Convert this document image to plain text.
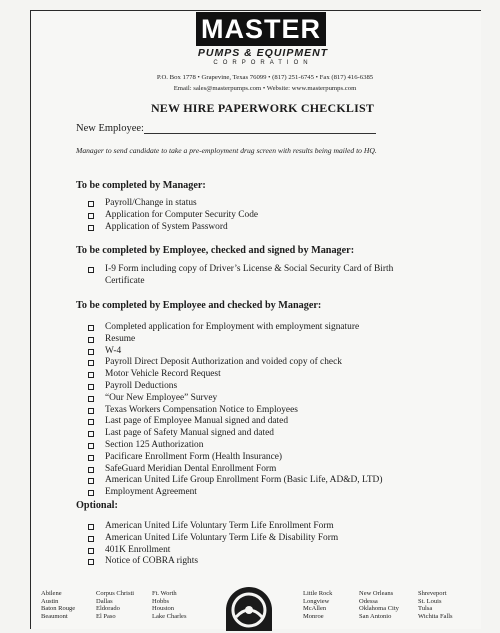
MASTER
PUMPS & EQUIPMENT
CORPORATION
P.O. Box 1778 • Grapevine, Texas 76099 • (817) 251-6745 • Fax (817) 416-6385
Email: sales@masterpumps.com • Website: www.masterpumps.com
NEW HIRE PAPERWORK CHECKLIST
New Employee:
Manager to send candidate to take a pre-employment drug screen with results being mailed to HQ.
To be completed by Manager:
Payroll/Change in status
Application for Computer Security Code
Application of System Password
To be completed by Employee, checked and signed by Manager:
I-9 Form including copy of Driver’s License & Social Security Card of Birth Certificate
To be completed by Employee and checked by Manager:
Completed application for Employment with employment signature
Resume
W-4
Payroll Direct Deposit Authorization and voided copy of check
Motor Vehicle Record Request
Payroll Deductions
“Our New Employee” Survey
Texas Workers Compensation Notice to Employees
Last page of Employee Manual signed and dated
Last page of Safety Manual signed and dated
Section 125 Authorization
Pacificare Enrollment Form (Health Insurance)
SafeGuard Meridian Dental Enrollment Form
American United Life Group Enrollment Form (Basic Life, AD&D, LTD)
Employment Agreement
Optional:
American United Life Voluntary Term Life Enrollment Form
American United Life Voluntary Term Life & Disability Form
401K Enrollment
Notice of COBRA rights
Abilene
Austin
Baton Rouge
Beaumont
Corpus Christi
Dallas
Eldorado
El Paso
Ft. Worth
Hobbs
Houston
Lake Charles
Little Rock
Longview
McAllen
Monroe
New Orleans
Odessa
Oklahoma City
San Antonio
Shreveport
St. Louis
Tulsa
Wichita Falls
